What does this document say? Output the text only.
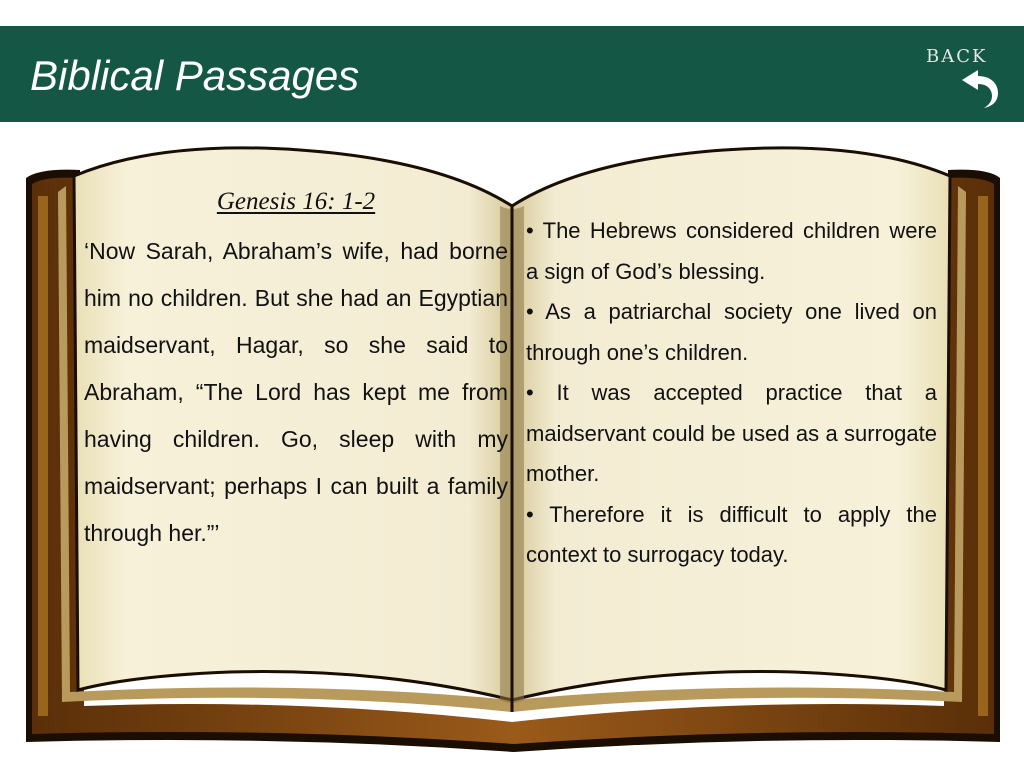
Biblical Passages	BACK
Genesis 16: 1-2

‘Now Sarah, Abraham’s wife, had borne him no children. But she had an Egyptian maidservant, Hagar, so she said to Abraham, “The Lord has kept me from having children. Go, sleep with my maidservant; perhaps I can built a family through her.”’

• The Hebrews considered children were a sign of God’s blessing.
• As a patriarchal society one lived on through one’s children.
• It was accepted practice that a maidservant could be used as a surrogate mother.
• Therefore it is difficult to apply the context to surrogacy today.
